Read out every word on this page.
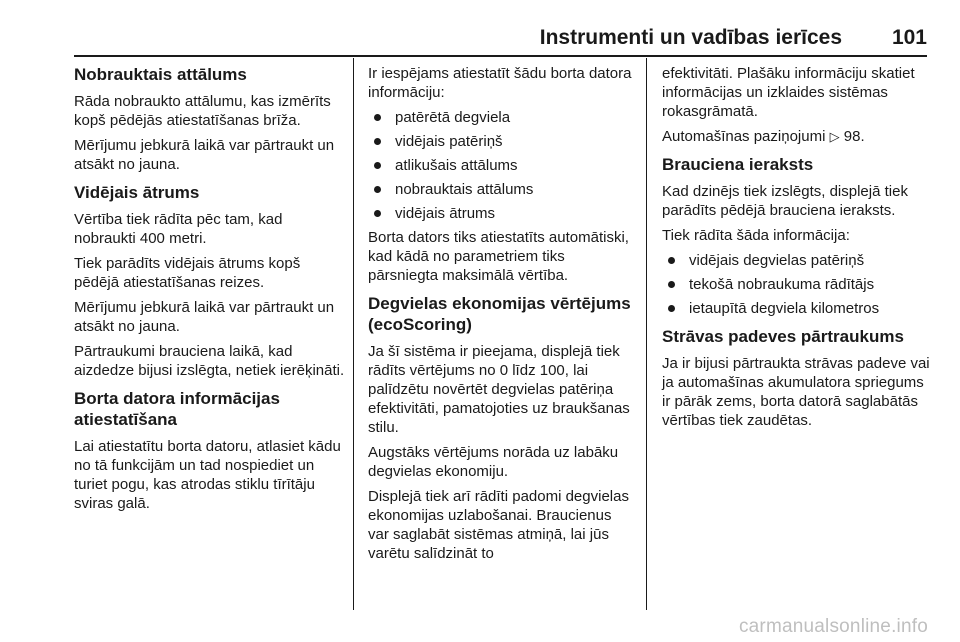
Instrumenti un vadības ierīces 101
Nobrauktais attālums

Rāda nobraukto attālumu, kas izmērīts kopš pēdējās atiestatīšanas brīža.

Mērījumu jebkurā laikā var pārtraukt un atsākt no jauna.

Vidējais ātrums

Vērtība tiek rādīta pēc tam, kad nobraukti 400 metri.

Tiek parādīts vidējais ātrums kopš pēdējā atiestatīšanas reizes.

Mērījumu jebkurā laikā var pārtraukt un atsākt no jauna.

Pārtraukumi brauciena laikā, kad aizdedze bijusi izslēgta, netiek ierēķināti.

Borta datora informācijas atiestatīšana

Lai atiestatītu borta datoru, atlasiet kādu no tā funkcijām un tad nospiediet un turiet pogu, kas atrodas stiklu tīrītāju sviras galā.

Ir iespējams atiestatīt šādu borta datora informāciju:

patērētā degviela
vidējais patēriņš
atlikušais attālums
nobrauktais attālums
vidējais ātrums

Borta dators tiks atiestatīts automātiski, kad kādā no parametriem tiks pārsniegta maksimālā vērtība.

Degvielas ekonomijas vērtējums (ecoScoring)

Ja šī sistēma ir pieejama, displejā tiek rādīts vērtējums no 0 līdz 100, lai palīdzētu novērtēt degvielas patēriņa efektivitāti, pamatojoties uz braukšanas stilu.

Augstāks vērtējums norāda uz labāku degvielas ekonomiju.

Displejā tiek arī rādīti padomi degvielas ekonomijas uzlabošanai. Braucienus var saglabāt sistēmas atmiņā, lai jūs varētu salīdzināt to

efektivitāti. Plašāku informāciju skatiet informācijas un izklaides sistēmas rokasgrāmatā.

Automašīnas paziņojumi ▷ 98.

Brauciena ieraksts

Kad dzinējs tiek izslēgts, displejā tiek parādīts pēdējā brauciena ieraksts.

Tiek rādīta šāda informācija:

vidējais degvielas patēriņš
tekošā nobraukuma rādītājs
ietaupītā degviela kilometros
Strāvas padeves pārtraukums

Ja ir bijusi pārtraukta strāvas padeve vai ja automašīnas akumulatora spriegums ir pārāk zems, borta datorā saglabātās vērtības tiek zaudētas.

carmanualsonline.info
